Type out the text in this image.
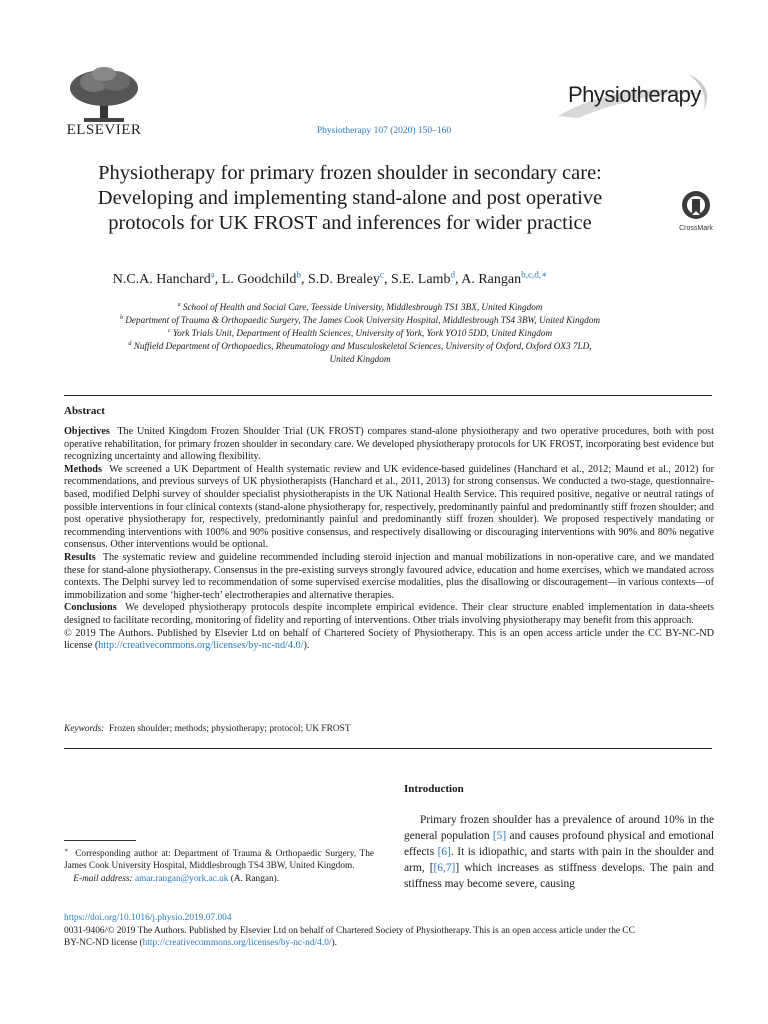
ELSEVIER	Physiotherapy 107 (2020) 150–160
Physiotherapy
Physiotherapy for primary frozen shoulder in secondary care:
Developing and implementing stand-alone and post operative
protocols for UK FROST and inferences for wider practice	CrossMark
N.C.A. Hanchard$^a$, L. Goodchild$^b$, S.D. Brealey$^c$, S.E. Lamb$^d$, A. Rangan$^{b,c,d,∗}$
$^a$ School of Health and Social Care, Teesside University, Middlesbrough TS1 3BX, United Kingdom
$^b$ Department of Trauma & Orthopaedic Surgery, The James Cook University Hospital, Middlesbrough TS4 3BW, United Kingdom
$^c$ York Trials Unit, Department of Health Sciences, University of York, York YO10 5DD, United Kingdom
$^d$ Nuffield Department of Orthopaedics, Rheumatology and Musculoskeletal Sciences, University of Oxford, Oxford OX3 7LD,
United Kingdom
Abstract

Objectives The United Kingdom Frozen Shoulder Trial (UK FROST) compares stand-alone physiotherapy and two operative procedures, both with post operative rehabilitation, for primary frozen shoulder in secondary care. We developed physiotherapy protocols for UK FROST, incorporating best evidence but recognizing uncertainty and allowing flexibility.

Methods We screened a UK Department of Health systematic review and UK evidence-based guidelines (Hanchard et al., 2012; Maund et al., 2012) for recommendations, and previous surveys of UK physiotherapists (Hanchard et al., 2011, 2013) for strong consensus. We conducted a two-stage, questionnaire-based, modified Delphi survey of shoulder specialist physiotherapists in the UK National Health Service. This required positive, negative or neutral ratings of possible interventions in four clinical contexts (stand-alone physiotherapy for, respectively, predominantly painful and predominantly stiff frozen shoulder; and post operative physiotherapy for, respectively, predominantly painful and predominantly stiff frozen shoulder). We proposed respectively mandating or recommending interventions with 100% and 90% positive consensus, and respectively disallowing or discouraging interventions with 90% and 80% negative consensus. Other interventions would be optional.

Results The systematic review and guideline recommended including steroid injection and manual mobilizations in non-operative care, and we mandated these for stand-alone physiotherapy. Consensus in the pre-existing surveys strongly favoured advice, education and home exercises, which we mandated across contexts. The Delphi survey led to recommendation of some supervised exercise modalities, plus the disallowing or discouragement—in various contexts—of immobilization and some ‘higher-tech’ electrotherapies and alternative therapies.

Conclusions We developed physiotherapy protocols despite incomplete empirical evidence. Their clear structure enabled implementation in data-sheets designed to facilitate recording, monitoring of fidelity and reporting of interventions. Other trials involving physiotherapy may benefit from this approach.

© 2019 The Authors. Published by Elsevier Ltd on behalf of Chartered Society of Physiotherapy. This is an open access article under the CC BY-NC-ND license (http://creativecommons.org/licenses/by-nc-nd/4.0/).

Keywords: Frozen shoulder; methods; physiotherapy; protocol; UK FROST
Introduction
Primary frozen shoulder has a prevalence of around 10% in the general population [5] and causes profound physical and emotional effects [6]. It is idiopathic, and starts with pain in the shoulder and arm, [[6,7]] which increases as stiffness develops. The pain and stiffness may become severe, causing
∗ Corresponding author at: Department of Trauma & Orthopaedic Surgery, The James Cook University Hospital, Middlesbrough TS4 3BW, United Kingdom.
E-mail address: amar.rangan@york.ac.uk (A. Rangan).
https://doi.org/10.1016/j.physio.2019.07.004
0031-9406/© 2019 The Authors. Published by Elsevier Ltd on behalf of Chartered Society of Physiotherapy. This is an open access article under the CC
BY-NC-ND license (http://creativecommons.org/licenses/by-nc-nd/4.0/).
